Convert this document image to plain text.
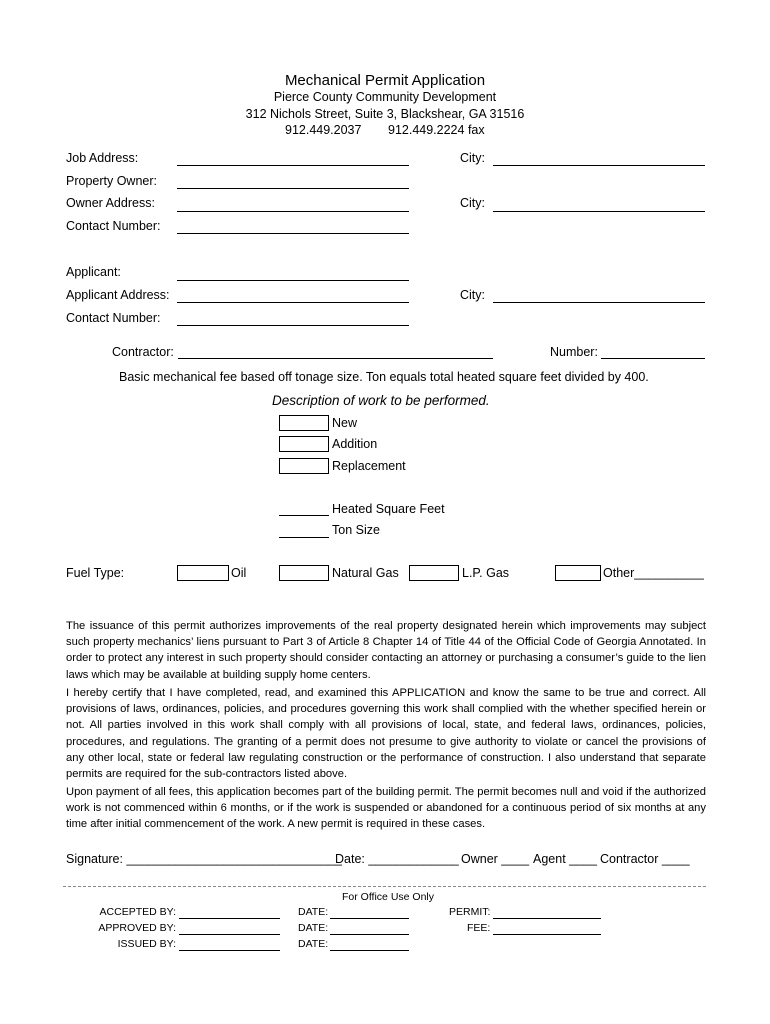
Mechanical Permit Application
Pierce County Community Development
312 Nichols Street, Suite 3, Blackshear, GA 31516
912.449.2037 912.449.2224 fax
Job Address:	City:
Property Owner:
Owner Address:	City:
Contact Number:
Applicant:
Applicant Address:	City:
Contact Number:
Contractor:	Number:
Basic mechanical fee based off tonage size. Ton equals total heated square feet divided by 400.
Description of work to be performed.
New
Addition
Replacement
Heated Square Feet
Ton Size
Fuel Type:	Oil	Natural Gas	L.P. Gas	Other__________

The issuance of this permit authorizes improvements of the real property designated herein which improvements may subject such property mechanics’ liens pursuant to Part 3 of Article 8 Chapter 14 of Title 44 of the Official Code of Georgia Annotated. In order to protect any interest in such property should consider contacting an attorney or purchasing a consumer’s guide to the lien laws which may be available at building supply home centers.

I hereby certify that I have completed, read, and examined this APPLICATION and know the same to be true and correct. All provisions of laws, ordinances, policies, and procedures governing this work shall complied with the whether specified herein or not. All parties involved in this work shall comply with all provisions of local, state, and federal laws, ordinances, policies, procedures, and regulations. The granting of a permit does not presume to give authority to violate or cancel the provisions of any other local, state or federal law regulating construction or the performance of construction. I also understand that separate permits are required for the sub-contractors listed above.

Upon payment of all fees, this application becomes part of the building permit. The permit becomes null and void if the authorized work is not commenced within 6 months, or if the work is suspended or abandoned for a continuous period of six months at any time after initial commencement of the work. A new permit is required in these cases.

Signature: _______________________________
Date: _____________ Owner ____ Agent ____ Contractor ____
For Office Use Only
ACCEPTED BY:	DATE:	PERMIT:
APPROVED BY:	DATE:	FEE:
ISSUED BY:	DATE:
